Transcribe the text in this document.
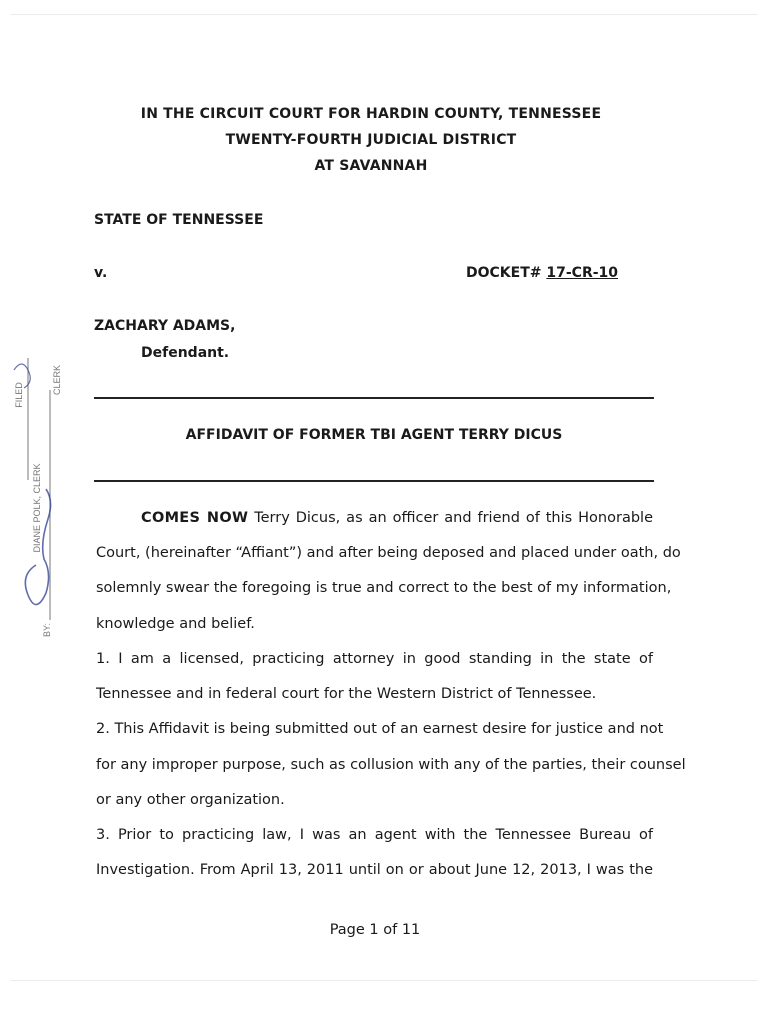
IN THE CIRCUIT COURT FOR HARDIN COUNTY, TENNESSEE
TWENTY-FOURTH JUDICIAL DISTRICT
AT SAVANNAH
STATE OF TENNESSEE
v.	DOCKET# 17-CR-10
ZACHARY ADAMS,
Defendant.
AFFIDAVIT OF FORMER TBI AGENT TERRY DICUS
COMES NOW Terry Dicus, as an officer and friend of this Honorable
Court, (hereinafter “Affiant”) and after being deposed and placed under oath, do
solemnly swear the foregoing is true and correct to the best of my information,
knowledge and belief.
1. I am a licensed, practicing attorney in good standing in the state of
Tennessee and in federal court for the Western District of Tennessee.
2. This Affidavit is being submitted out of an earnest desire for justice and not
for any improper purpose, such as collusion with any of the parties, their counsel
or any other organization.
3. Prior to practicing law, I was an agent with the Tennessee Bureau of
Investigation. From April 13, 2011 until on or about June 12, 2013, I was the
Page 1 of 11
FILED	CLERK
DIANE POLK, CLERK
BY:
